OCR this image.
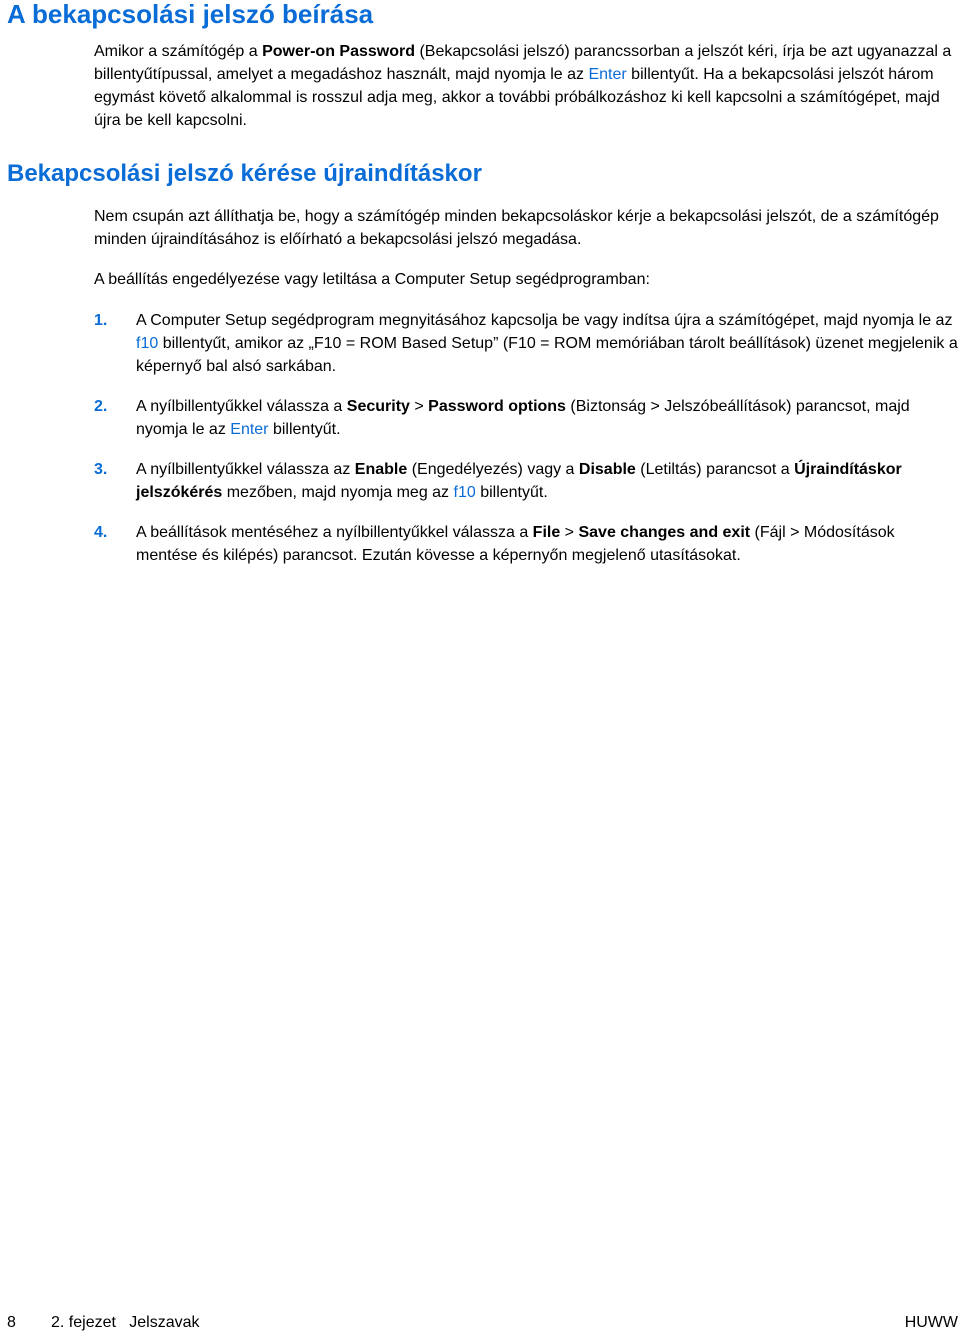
A bekapcsolási jelszó beírása

Amikor a számítógép a Power-on Password (Bekapcsolási jelszó) parancssorban a jelszót kéri, írja be azt ugyanazzal a billentyűtípussal, amelyet a megadáshoz használt, majd nyomja le az Enter billentyűt. Ha a bekapcsolási jelszót három egymást követő alkalommal is rosszul adja meg, akkor a további próbálkozáshoz ki kell kapcsolni a számítógépet, majd újra be kell kapcsolni.

Bekapcsolási jelszó kérése újraindításkor

Nem csupán azt állíthatja be, hogy a számítógép minden bekapcsoláskor kérje a bekapcsolási jelszót, de a számítógép minden újraindításához is előírható a bekapcsolási jelszó megadása.

A beállítás engedélyezése vagy letiltása a Computer Setup segédprogramban:

1. A Computer Setup segédprogram megnyitásához kapcsolja be vagy indítsa újra a számítógépet, majd nyomja le az f10 billentyűt, amikor az „F10 = ROM Based Setup” (F10 = ROM memóriában tárolt beállítások) üzenet megjelenik a képernyő bal alsó sarkában.
2. A nyílbillentyűkkel válassza a Security > Password options (Biztonság > Jelszóbeállítások) parancsot, majd nyomja le az Enter billentyűt.
3. A nyílbillentyűkkel válassza az Enable (Engedélyezés) vagy a Disable (Letiltás) parancsot a Újraindításkor jelszókérés mezőben, majd nyomja meg az f10 billentyűt.
4. A beállítások mentéséhez a nyílbillentyűkkel válassza a File > Save changes and exit (Fájl > Módosítások mentése és kilépés) parancsot. Ezután kövesse a képernyőn megjelenő utasításokat.
8 2. fejezet   Jelszavak	HUWW
